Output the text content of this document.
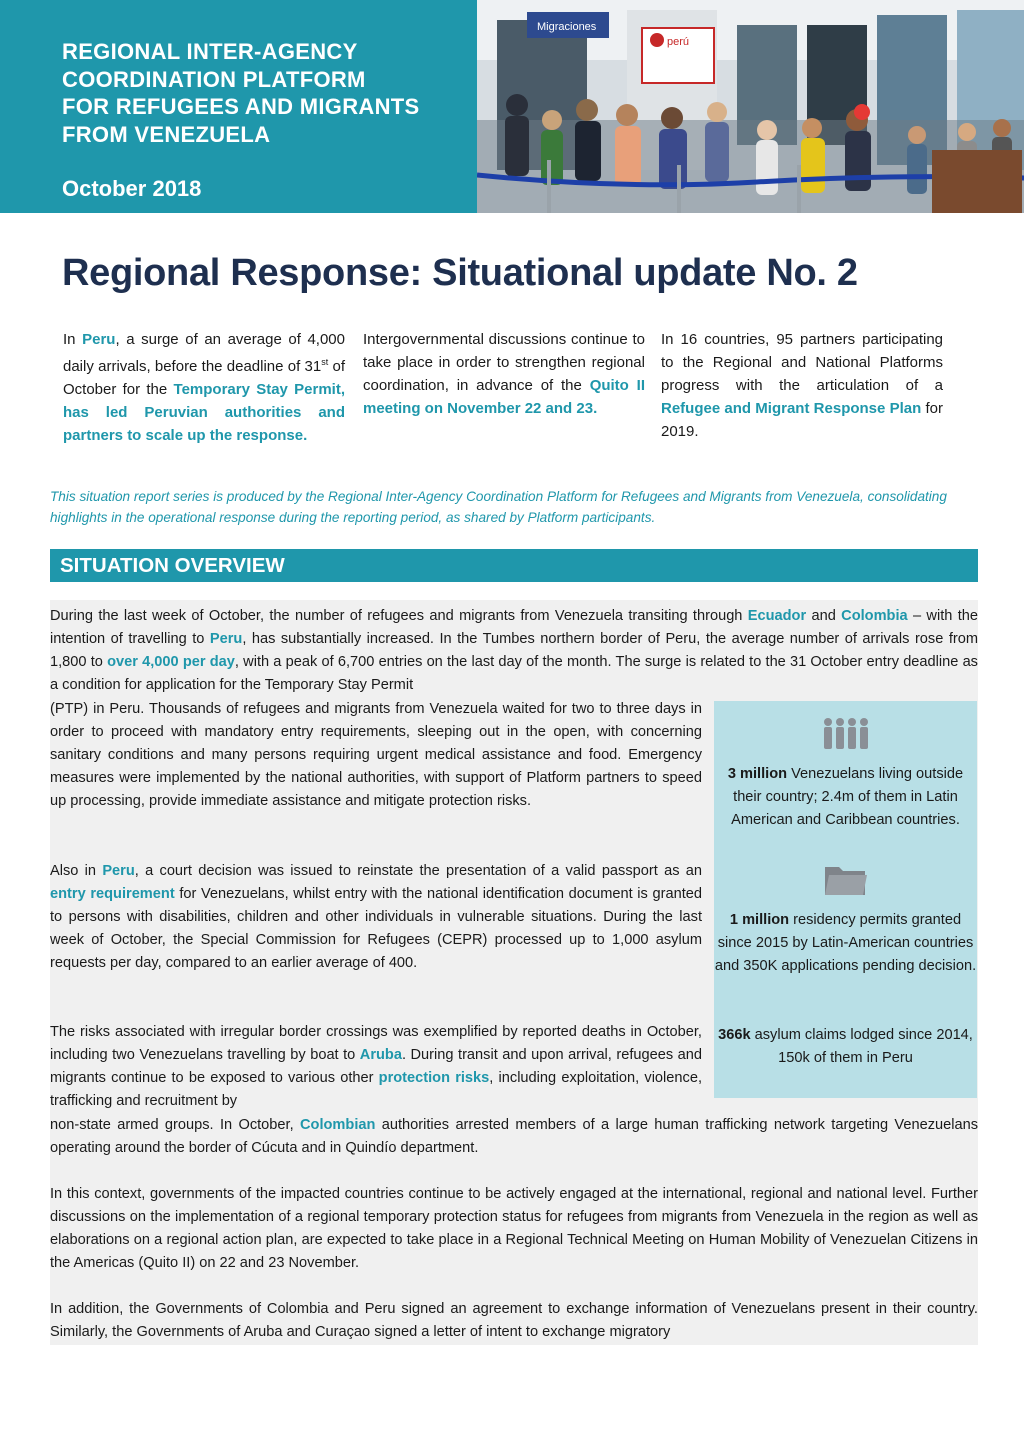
REGIONAL INTER-AGENCY
COORDINATION PLATFORM
FOR REFUGEES AND MIGRANTS
FROM VENEZUELA
October 2018
Migraciones
perú
Regional Response: Situational update No. 2
In Peru, a surge of an average of 4,000 daily arrivals, before the deadline of 31st of October for the Temporary Stay Permit, has led Peruvian authorities and partners to scale up the response.
Intergovernmental discussions continue to take place in order to strengthen regional coordination, in advance of the Quito II meeting on November 22 and 23.
In 16 countries, 95 partners participating to the Regional and National Platforms progress with the articulation of a Refugee and Migrant Response Plan for 2019.
This situation report series is produced by the Regional Inter-Agency Coordination Platform for Refugees and Migrants from Venezuela, consolidating highlights in the operational response during the reporting period, as shared by Platform participants.
SITUATION OVERVIEW
During the last week of October, the number of refugees and migrants from Venezuela transiting through Ecuador and Colombia – with the intention of travelling to Peru, has substantially increased. In the Tumbes northern border of Peru, the average number of arrivals rose from 1,800 to over 4,000 per day, with a peak of 6,700 entries on the last day of the month. The surge is related to the 31 October entry deadline as a condition for application for the Temporary Stay Permit
(PTP) in Peru. Thousands of refugees and migrants from Venezuela waited for two to three days in order to proceed with mandatory entry requirements, sleeping out in the open, with concerning sanitary conditions and many persons requiring urgent medical assistance and food. Emergency measures were implemented by the national authorities, with support of Platform partners to speed up processing, provide immediate assistance and mitigate protection risks.
Also in Peru, a court decision was issued to reinstate the presentation of a valid passport as an entry requirement for Venezuelans, whilst entry with the national identification document is granted to persons with disabilities, children and other individuals in vulnerable situations. During the last week of October, the Special Commission for Refugees (CEPR) processed up to 1,000 asylum requests per day, compared to an earlier average of 400.
The risks associated with irregular border crossings was exemplified by reported deaths in October, including two Venezuelans travelling by boat to Aruba. During transit and upon arrival, refugees and migrants continue to be exposed to various other protection risks, including exploitation, violence, trafficking and recruitment by
non-state armed groups. In October, Colombian authorities arrested members of a large human trafficking network targeting Venezuelans operating around the border of Cúcuta and in Quindío department.
In this context, governments of the impacted countries continue to be actively engaged at the international, regional and national level. Further discussions on the implementation of a regional temporary protection status for refugees from migrants from Venezuela in the region as well as elaborations on a regional action plan, are expected to take place in a Regional Technical Meeting on Human Mobility of Venezuelan Citizens in the Americas (Quito II) on 22 and 23 November.
In addition, the Governments of Colombia and Peru signed an agreement to exchange information of Venezuelans present in their country. Similarly, the Governments of Aruba and Curaçao signed a letter of intent to exchange migratory
3 million Venezuelans living outside their country; 2.4m of them in Latin American and Caribbean countries.
1 million residency permits granted since 2015 by Latin-American countries and 350K applications pending decision.
366k asylum claims lodged since 2014, 150k of them in Peru
